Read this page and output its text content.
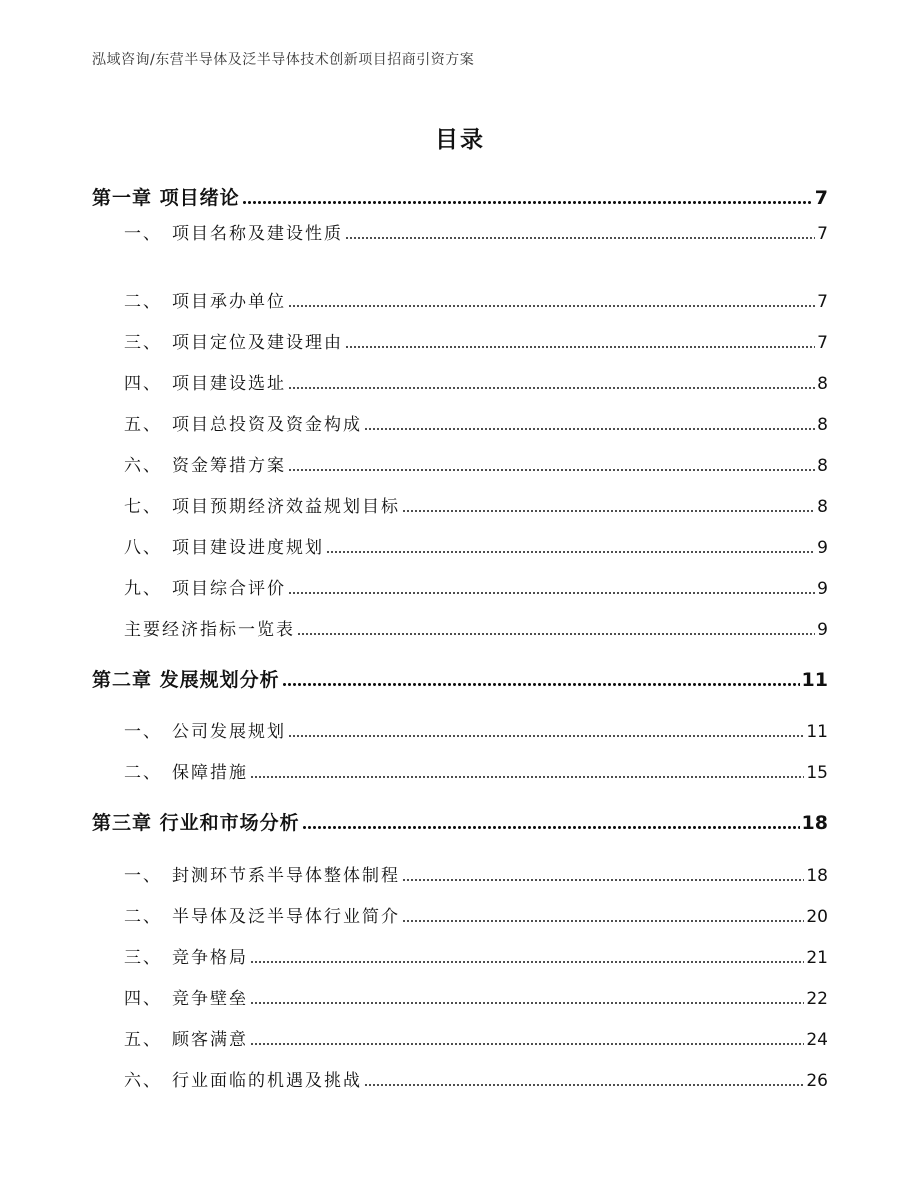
泓域咨询/东营半导体及泛半导体技术创新项目招商引资方案
目录
第一章 项目绪论	7
一、 项目名称及建设性质	7
二、 项目承办单位	7
三、 项目定位及建设理由	7
四、 项目建设选址	8
五、 项目总投资及资金构成	8
六、 资金筹措方案	8
七、 项目预期经济效益规划目标	8
八、 项目建设进度规划	9
九、 项目综合评价	9
主要经济指标一览表	9
第二章 发展规划分析	11
一、 公司发展规划	11
二、 保障措施	15
第三章 行业和市场分析	18
一、 封测环节系半导体整体制程	18
二、 半导体及泛半导体行业简介	20
三、 竞争格局	21
四、 竞争壁垒	22
五、 顾客满意	24
六、 行业面临的机遇及挑战	26
